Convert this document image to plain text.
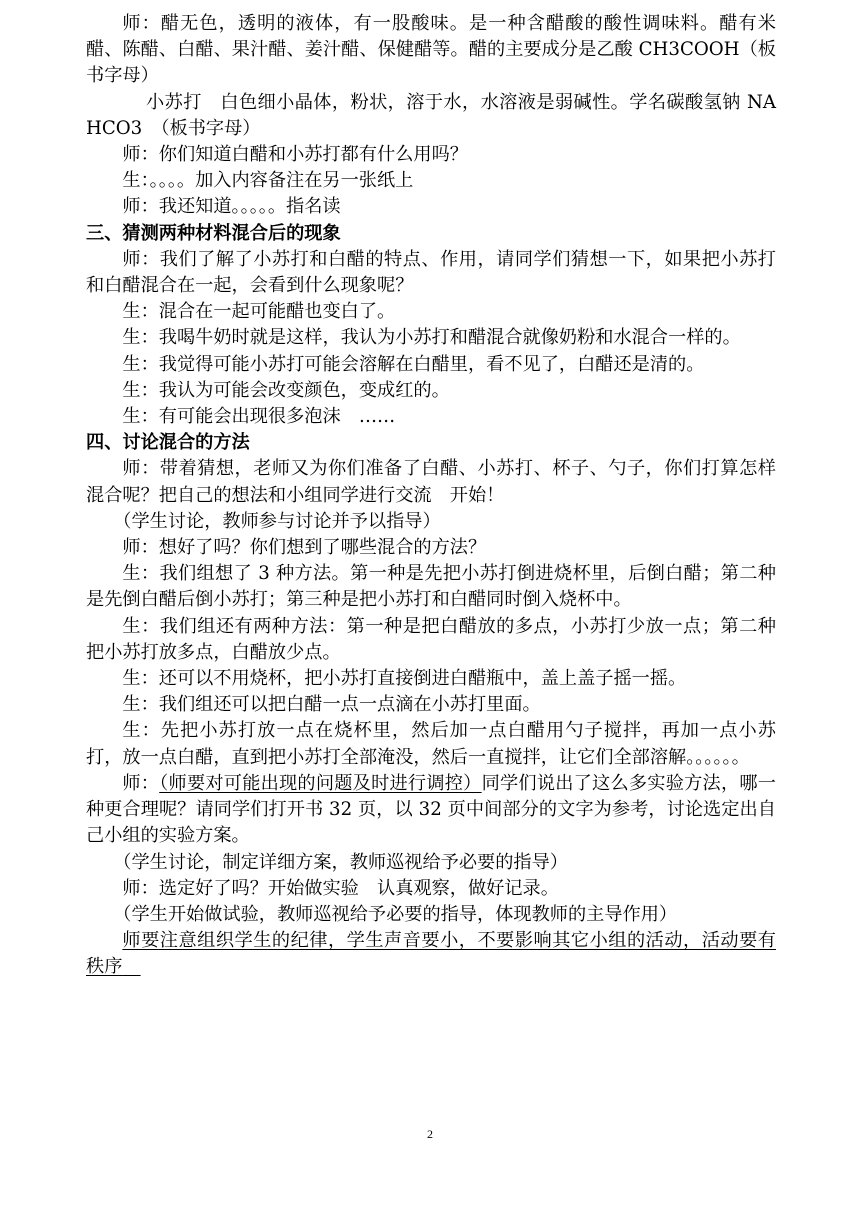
师：醋无色，透明的液体，有一股酸味。是一种含醋酸的酸性调味料。醋有米醋、陈醋、白醋、果汁醋、姜汁醋、保健醋等。醋的主要成分是乙酸 CH3COOH（板书字母）

小苏打　白色细小晶体，粉状，溶于水，水溶液是弱碱性。学名碳酸氢钠 NAHCO3　（板书字母）

师：你们知道白醋和小苏打都有什么用吗？

生：。。。。加入内容备注在另一张纸上

师：我还知道。。。。。指名读

三、猜测两种材料混合后的现象

师：我们了解了小苏打和白醋的特点、作用，请同学们猜想一下，如果把小苏打和白醋混合在一起，会看到什么现象呢？

生：混合在一起可能醋也变白了。

生：我喝牛奶时就是这样，我认为小苏打和醋混合就像奶粉和水混合一样的。

生：我觉得可能小苏打可能会溶解在白醋里，看不见了，白醋还是清的。

生：我认为可能会改变颜色，变成红的。

生：有可能会出现很多泡沫　……

四、讨论混合的方法

师：带着猜想，老师又为你们准备了白醋、小苏打、杯子、勺子，你们打算怎样混合呢？把自己的想法和小组同学进行交流　开始！

（学生讨论，教师参与讨论并予以指导）

师：想好了吗？你们想到了哪些混合的方法？

生：我们组想了 3 种方法。第一种是先把小苏打倒进烧杯里，后倒白醋；第二种是先倒白醋后倒小苏打；第三种是把小苏打和白醋同时倒入烧杯中。

生：我们组还有两种方法：第一种是把白醋放的多点，小苏打少放一点；第二种把小苏打放多点，白醋放少点。

生：还可以不用烧杯，把小苏打直接倒进白醋瓶中，盖上盖子摇一摇。

生：我们组还可以把白醋一点一点滴在小苏打里面。

生：先把小苏打放一点在烧杯里，然后加一点白醋用勺子搅拌，再加一点小苏打，放一点白醋，直到把小苏打全部淹没，然后一直搅拌，让它们全部溶解。。。。。。

师：（师要对可能出现的问题及时进行调控）同学们说出了这么多实验方法，哪一种更合理呢？请同学们打开书 32 页，以 32 页中间部分的文字为参考，讨论选定出自己小组的实验方案。

（学生讨论，制定详细方案，教师巡视给予必要的指导）

师：选定好了吗？开始做实验　认真观察，做好记录。

（学生开始做试验，教师巡视给予必要的指导，体现教师的主导作用）

师要注意组织学生的纪律，学生声音要小，不要影响其它小组的活动，活动要有秩序　

2
